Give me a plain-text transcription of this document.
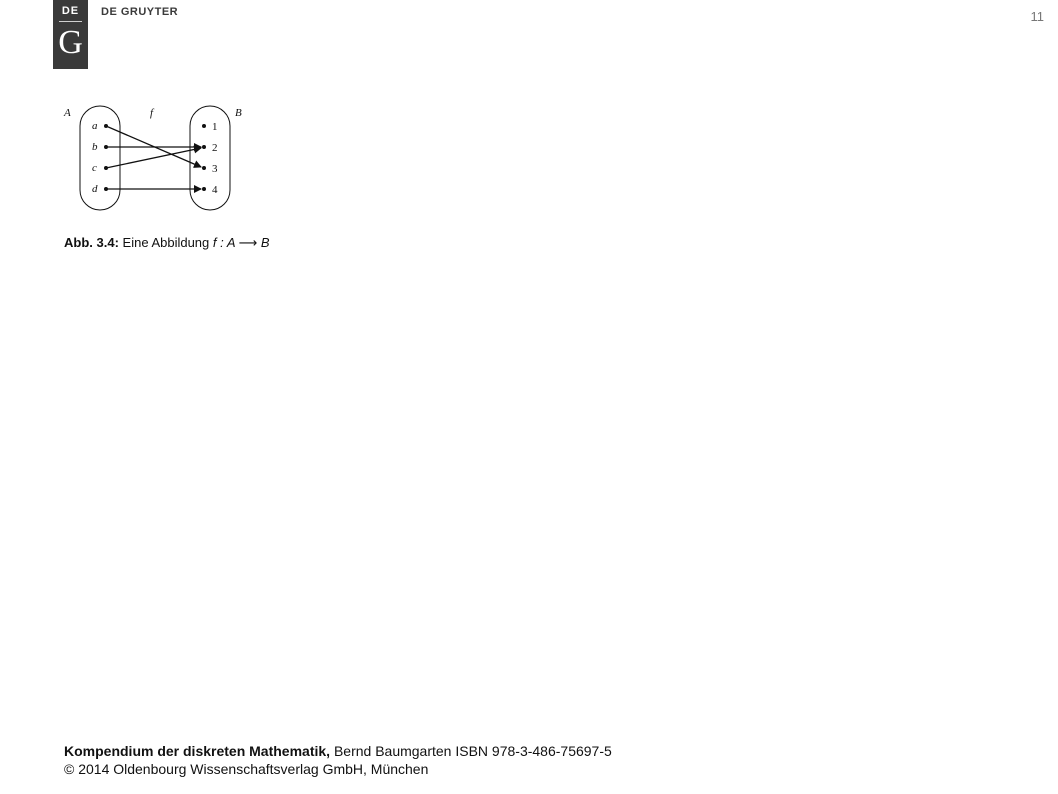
DE
G
DE GRUYTER	11
A	f	B
a
b
c
d
1
2
3
4
Abb. 3.4: Eine Abbildung f : A ⟶ B
Kompendium der diskreten Mathematik, Bernd Baumgarten ISBN 978-3-486-75697-5
© 2014 Oldenbourg Wissenschaftsverlag GmbH, München
